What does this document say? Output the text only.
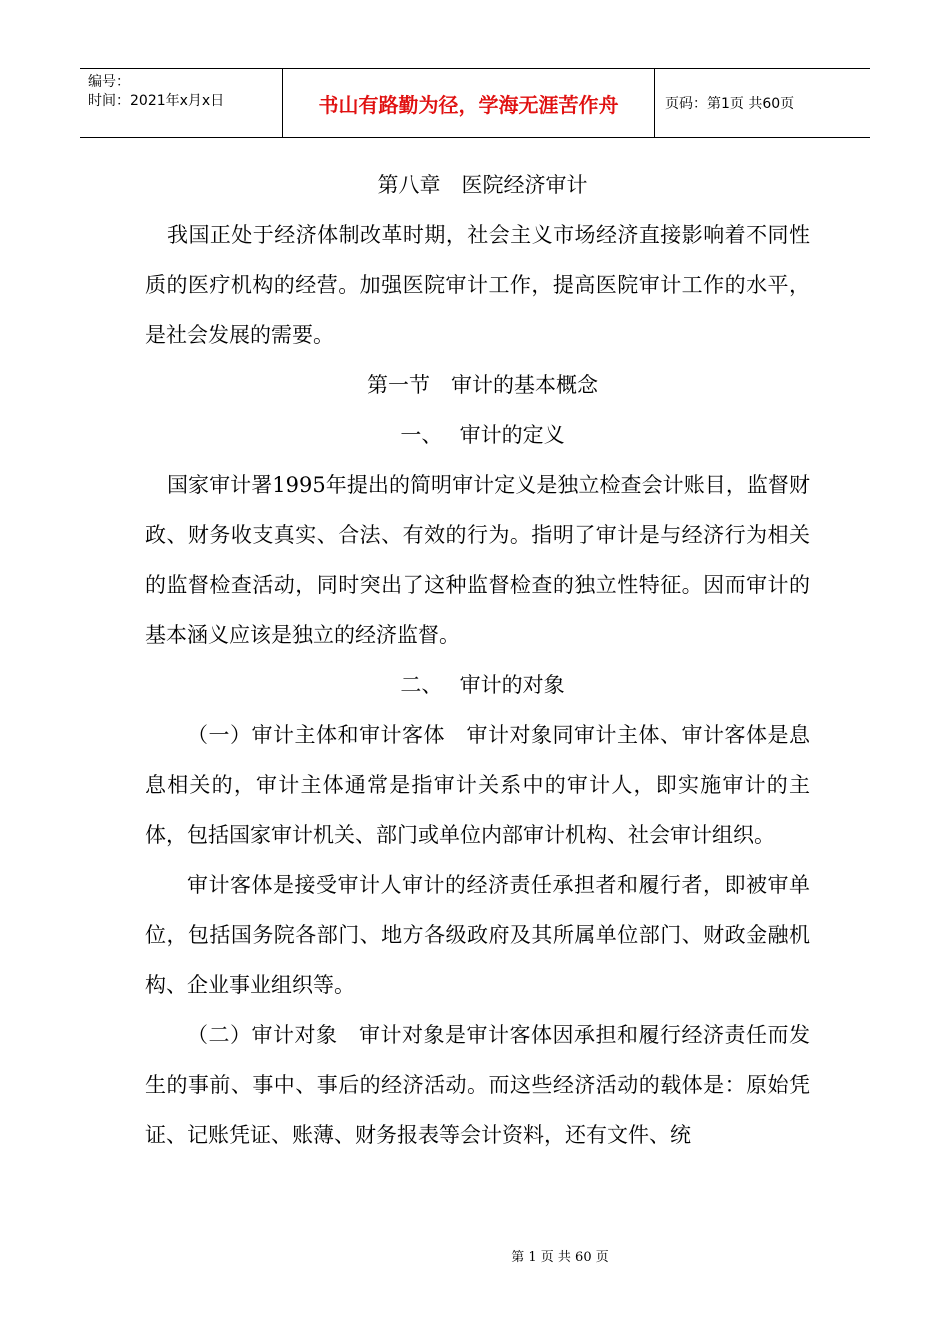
编号：
时间：2021年x月x日	书山有路勤为径，学海无涯苦作舟	页码：第1页 共60页

第八章　医院经济审计

我国正处于经济体制改革时期，社会主义市场经济直接影响着不同性质的医疗机构的经营。加强医院审计工作，提高医院审计工作的水平，是社会发展的需要。

第一节　审计的基本概念

一、　 审计的定义

国家审计署1995年提出的简明审计定义是独立检查会计账目，监督财政、财务收支真实、合法、有效的行为。指明了审计是与经济行为相关的监督检查活动，同时突出了这种监督检查的独立性特征。因而审计的基本涵义应该是独立的经济监督。

二、　 审计的对象

（一）审计主体和审计客体　审计对象同审计主体、审计客体是息息相关的，审计主体通常是指审计关系中的审计人，即实施审计的主体，包括国家审计机关、部门或单位内部审计机构、社会审计组织。

审计客体是接受审计人审计的经济责任承担者和履行者，即被审单位，包括国务院各部门、地方各级政府及其所属单位部门、财政金融机构、企业事业组织等。

（二）审计对象　审计对象是审计客体因承担和履行经济责任而发生的事前、事中、事后的经济活动。而这些经济活动的载体是：原始凭证、记账凭证、账薄、财务报表等会计资料，还有文件、统

第 1 页 共 60 页
